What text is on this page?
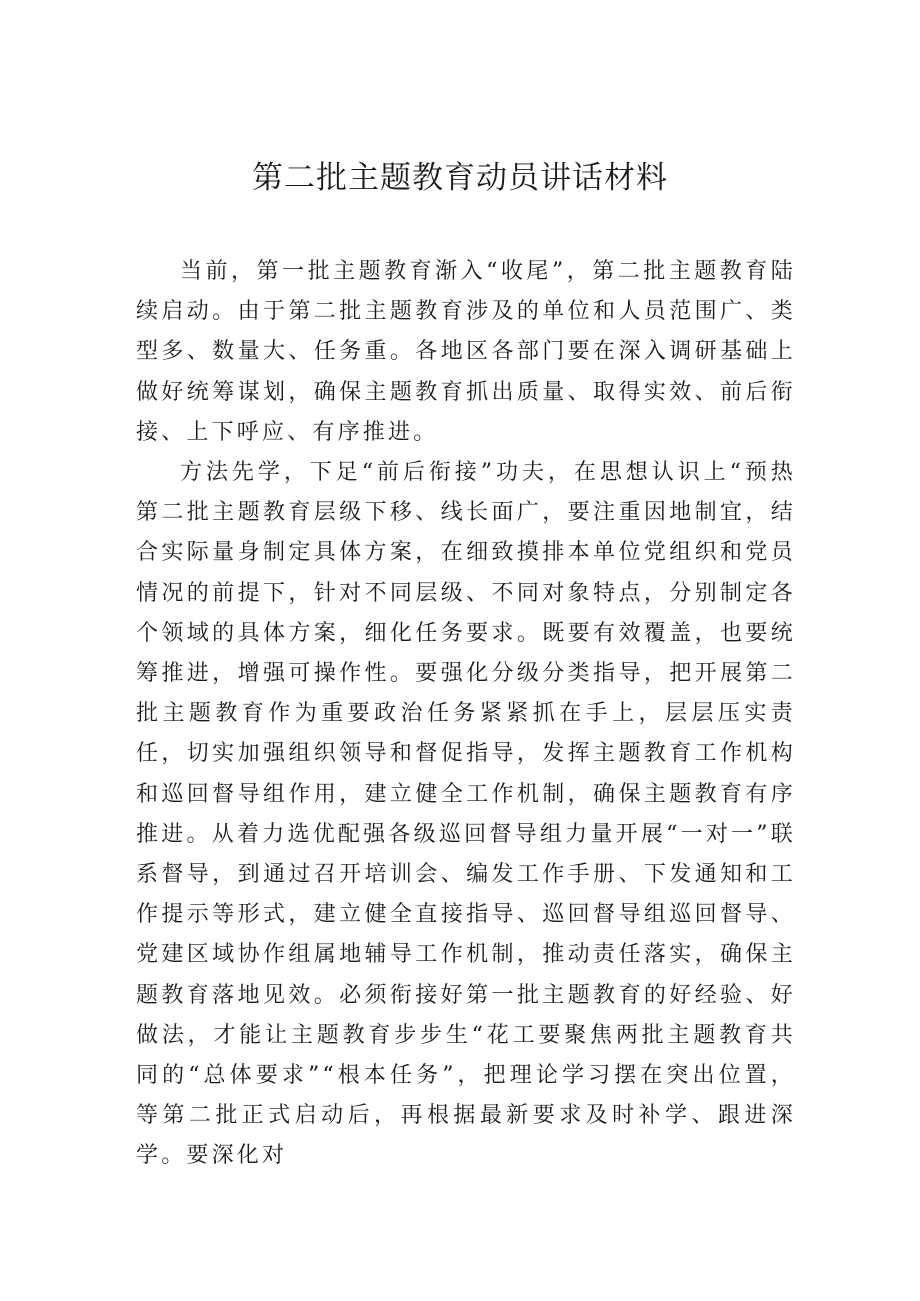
第二批主题教育动员讲话材料

当前，第一批主题教育渐入“收尾”，第二批主题教育陆续启动。由于第二批主题教育涉及的单位和人员范围广、类型多、数量大、任务重。各地区各部门要在深入调研基础上做好统筹谋划，确保主题教育抓出质量、取得实效、前后衔接、上下呼应、有序推进。

方法先学，下足“前后衔接”功夫，在思想认识上“预热第二批主题教育层级下移、线长面广，要注重因地制宜，结合实际量身制定具体方案，在细致摸排本单位党组织和党员情况的前提下，针对不同层级、不同对象特点，分别制定各个领域的具体方案，细化任务要求。既要有效覆盖，也要统筹推进，增强可操作性。要强化分级分类指导，把开展第二批主题教育作为重要政治任务紧紧抓在手上，层层压实责任，切实加强组织领导和督促指导，发挥主题教育工作机构和巡回督导组作用，建立健全工作机制，确保主题教育有序推进。从着力选优配强各级巡回督导组力量开展“一对一”联系督导，到通过召开培训会、编发工作手册、下发通知和工作提示等形式，建立健全直接指导、巡回督导组巡回督导、党建区域协作组属地辅导工作机制，推动责任落实，确保主题教育落地见效。必须衔接好第一批主题教育的好经验、好做法，才能让主题教育步步生“花工要聚焦两批主题教育共同的“总体要求”“根本任务”，把理论学习摆在突出位置，等第二批正式启动后，再根据最新要求及时补学、跟进深学。要深化对
